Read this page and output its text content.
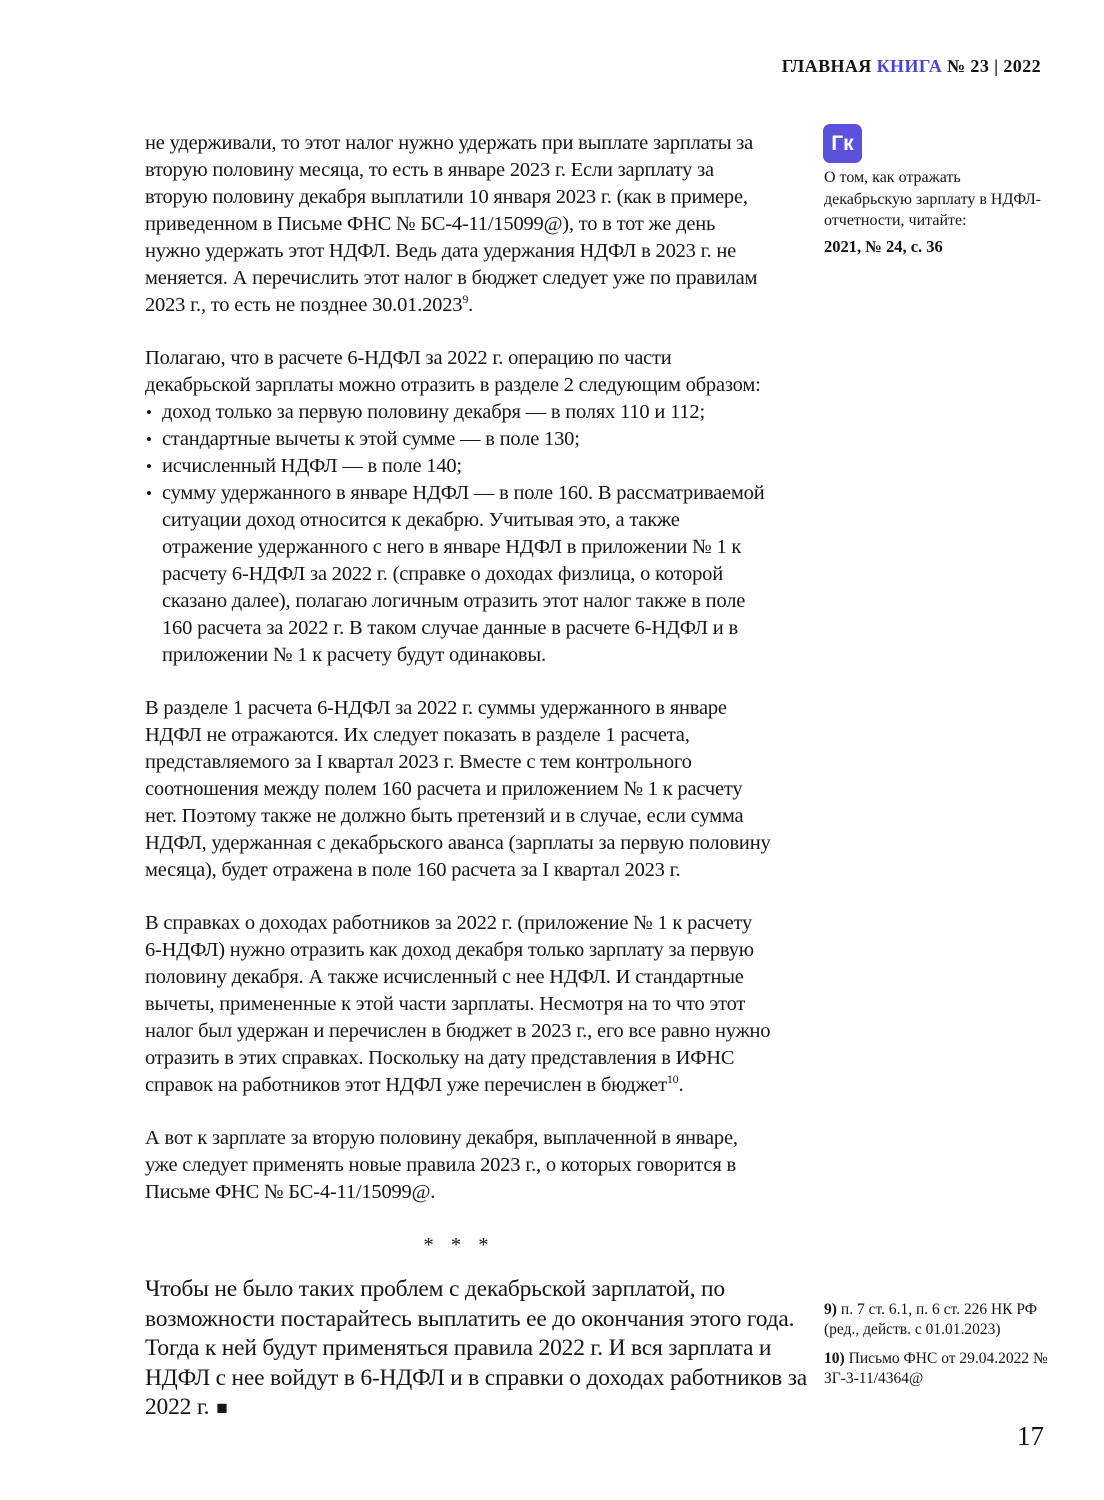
ГЛАВНАЯ КНИГА № 23 | 2022
Гк
О том, как отражать декабрьскую зарплату в НДФЛ-отчетности, читайте:
2021, № 24, с. 36

не удерживали, то этот налог нужно удержать при выплате зарплаты за вторую половину месяца, то есть в январе 2023 г. Если зарплату за вторую половину декабря выплатили 10 января 2023 г. (как в примере, приведенном в Письме ФНС № БС-4-11/15099@), то в тот же день нужно удержать этот НДФЛ. Ведь дата удержания НДФЛ в 2023 г. не меняется. А перечислить этот налог в бюджет следует уже по правилам 2023 г., то есть не позднее 30.01.2023$^9$.

Полагаю, что в расчете 6-НДФЛ за 2022 г. операцию по части декабрьской зарплаты можно отразить в разделе 2 следующим образом:

• доход только за первую половину декабря — в полях 110 и 112;
• стандартные вычеты к этой сумме — в поле 130;
• исчисленный НДФЛ — в поле 140;
• сумму удержанного в январе НДФЛ — в поле 160. В рассматриваемой ситуации доход относится к декабрю. Учитывая это, а также отражение удержанного с него в январе НДФЛ в приложении № 1 к расчету 6-НДФЛ за 2022 г. (справке о доходах физлица, о которой сказано далее), полагаю логичным отразить этот налог также в поле 160 расчета за 2022 г. В таком случае данные в расчете 6-НДФЛ и в приложении № 1 к расчету будут одинаковы.

В разделе 1 расчета 6-НДФЛ за 2022 г. суммы удержанного в январе НДФЛ не отражаются. Их следует показать в разделе 1 расчета, представляемого за I квартал 2023 г. Вместе с тем контрольного соотношения между полем 160 расчета и приложением № 1 к расчету нет. Поэтому также не должно быть претензий и в случае, если сумма НДФЛ, удержанная с декабрьского аванса (зарплаты за первую половину месяца), будет отражена в поле 160 расчета за I квартал 2023 г.

В справках о доходах работников за 2022 г. (приложение № 1 к расчету 6-НДФЛ) нужно отразить как доход декабря только зарплату за первую половину декабря. А также исчисленный с нее НДФЛ. И стандартные вычеты, примененные к этой части зарплаты. Несмотря на то что этот налог был удержан и перечислен в бюджет в 2023 г., его все равно нужно отразить в этих справках. Поскольку на дату представления в ИФНС справок на работников этот НДФЛ уже перечислен в бюджет$^{10}$.

А вот к зарплате за вторую половину декабря, выплаченной в январе, уже следует применять новые правила 2023 г., о которых говорится в Письме ФНС № БС-4-11/15099@.

* * *

Чтобы не было таких проблем с декабрьской зарплатой, по возможности постарайтесь выплатить ее до окончания этого года. Тогда к ней будут применяться правила 2022 г. И вся зарплата и НДФЛ с нее войдут в 6-НДФЛ и в справки о доходах работников за 2022 г. ■

9) п. 7 ст. 6.1, п. 6 ст. 226 НК РФ (ред., действ. с 01.01.2023)

10) Письмо ФНС от 29.04.2022 № ЗГ-3-11/4364@

17
